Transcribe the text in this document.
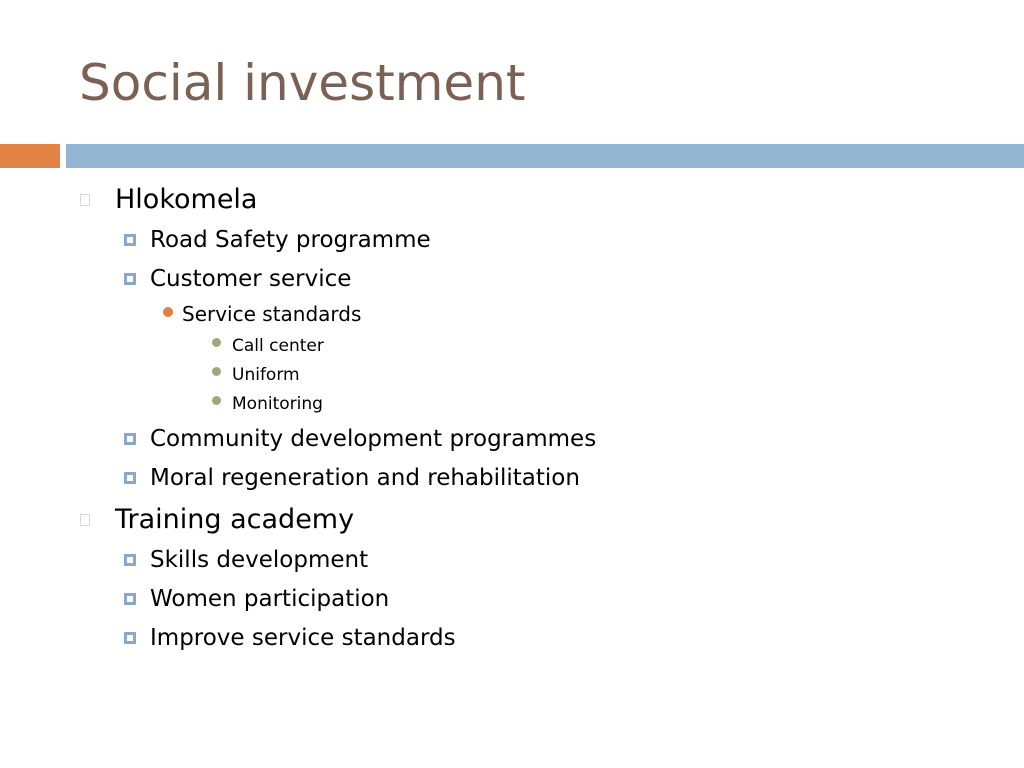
Social investment
Hlokomela
Road Safety programme
Customer service
Service standards
Call center
Uniform
Monitoring
Community development programmes
Moral regeneration and rehabilitation
Training academy
Skills development
Women participation
Improve service standards
